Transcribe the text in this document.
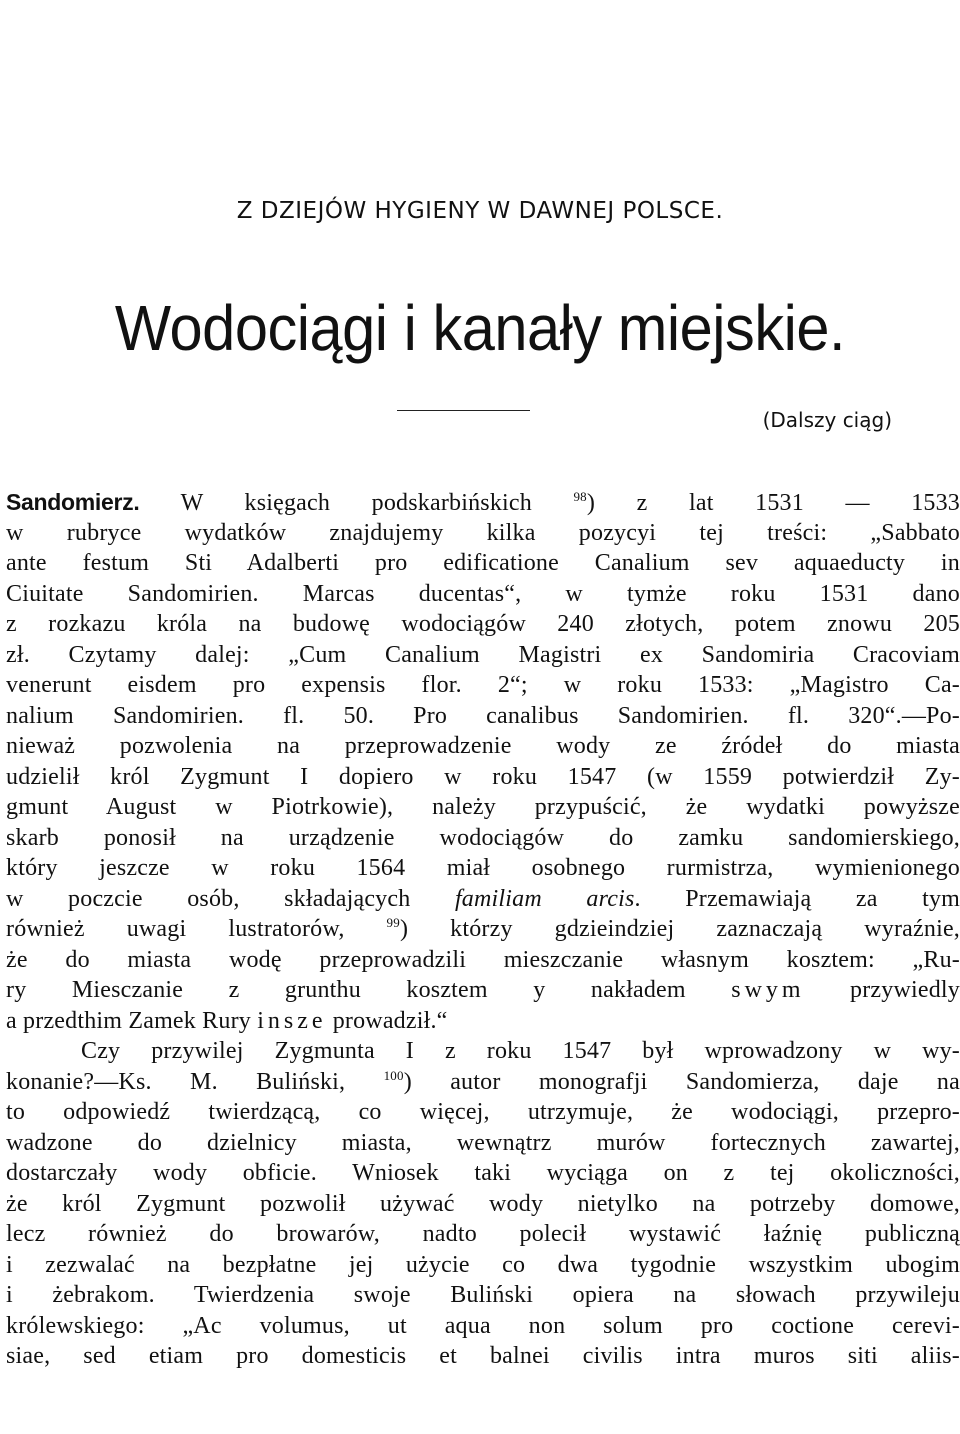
Z DZIEJÓW HYGIENY W DAWNEJ POLSCE.
Wodociągi i kanały miejskie.
(Dalszy ciąg)
Sandomierz. W księgach podskarbińskich $^{98}$) z lat 1531 — 1533
w rubryce wydatków znajdujemy kilka pozycyi tej treści: „Sabbato
ante festum Sti Adalberti pro edificatione Canalium sev aquaeducty in
Ciuitate Sandomirien. Marcas ducentas“, w tymże roku 1531 dano
z rozkazu króla na budowę wodociągów 240 złotych, potem znowu 205
zł. Czytamy dalej: „Cum Canalium Magistri ex Sandomiria Cracoviam
venerunt eisdem pro expensis flor. 2“; w roku 1533: „Magistro Ca-
nalium Sandomirien. fl. 50. Pro canalibus Sandomirien. fl. 320“.—Po-
nieważ pozwolenia na przeprowadzenie wody ze źródeł do miasta
udzielił król Zygmunt I dopiero w roku 1547 (w 1559 potwierdził Zy-
gmunt August w Piotrkowie), należy przypuścić, że wydatki powyższe
skarb ponosił na urządzenie wodociągów do zamku sandomierskiego,
który jeszcze w roku 1564 miał osobnego rurmistrza, wymienionego
w poczcie osób, składających familiam arcis. Przemawiają za tym
również uwagi lustratorów, $^{99}$) którzy gdzieindziej zaznaczają wyraźnie,
że do miasta wodę przeprowadzili mieszczanie własnym kosztem: „Ru-
ry Miesczanie z grunthu kosztem y nakładem swym przywiedly
a przedthim Zamek Rury insze prowadził.“
Czy przywilej Zygmunta I z roku 1547 był wprowadzony w wy-
konanie?—Ks. M. Buliński, $^{100}$) autor monografji Sandomierza, daje na
to odpowiedź twierdzącą, co więcej, utrzymuje, że wodociągi, przepro-
wadzone do dzielnicy miasta, wewnątrz murów fortecznych zawartej,
dostarczały wody obficie. Wniosek taki wyciąga on z tej okoliczności,
że król Zygmunt pozwolił używać wody nietylko na potrzeby domowe,
lecz również do browarów, nadto polecił wystawić łaźnię publiczną
i zezwalać na bezpłatne jej użycie co dwa tygodnie wszystkim ubogim
i żebrakom. Twierdzenia swoje Buliński opiera na słowach przywileju
królewskiego: „Ac volumus, ut aqua non solum pro coctione cerevi-
siae, sed etiam pro domesticis et balnei civilis intra muros siti aliis-
